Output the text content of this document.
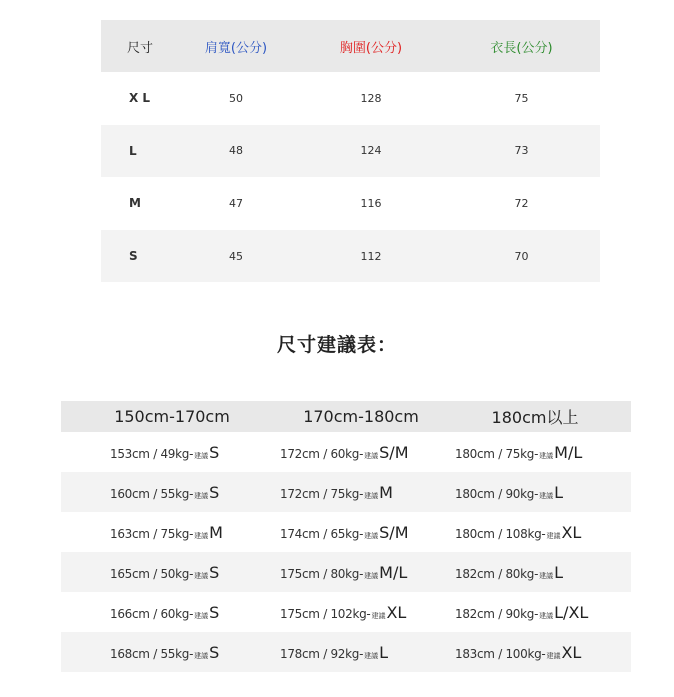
尺寸	肩寬(公分)	胸圍(公分)	衣長(公分)
X L	50	128	75
L	48	124	73
M	47	116	72
S	45	112	70
尺寸建議表：
150cm-170cm	170cm-180cm	180cm以上
153cm / 49kg- 建議 S	172cm / 60kg- 建議 S/M	180cm / 75kg- 建議 M/L
160cm / 55kg- 建議 S	172cm / 75kg- 建議 M	180cm / 90kg- 建議 L
163cm / 75kg- 建議 M	174cm / 65kg- 建議 S/M	180cm / 108kg- 建議 XL
165cm / 50kg- 建議 S	175cm / 80kg- 建議 M/L	182cm / 80kg- 建議 L
166cm / 60kg- 建議 S	175cm / 102kg- 建議 XL	182cm / 90kg- 建議 L/XL
168cm / 55kg- 建議 S	178cm / 92kg- 建議 L	183cm / 100kg- 建議 XL
